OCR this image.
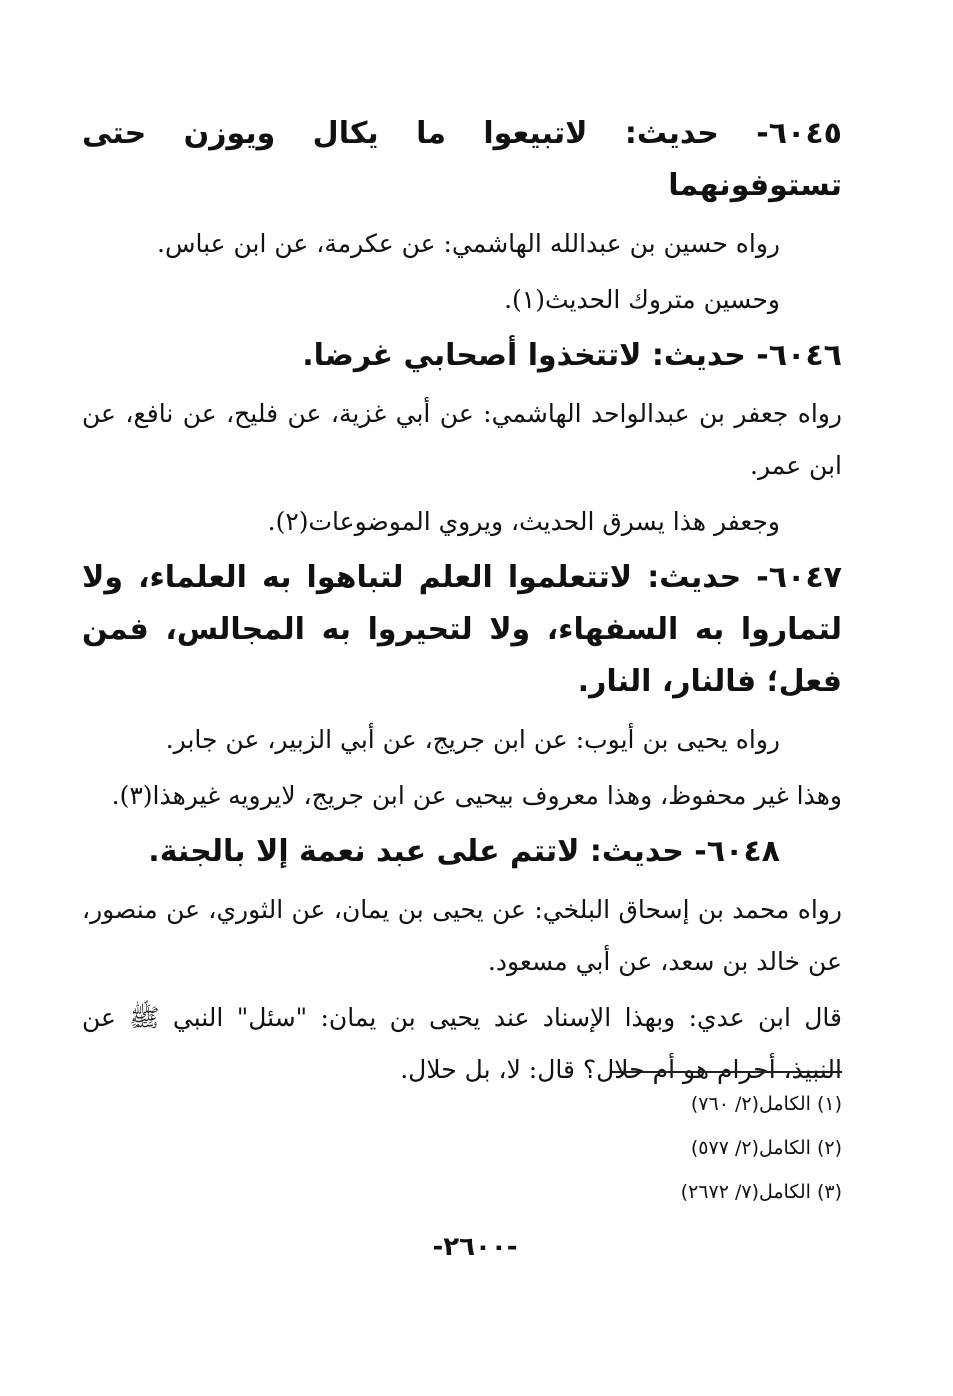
٦٠٤٥- حديث: لاتبيعوا ما يكال ويوزن حتى تستوفونهما
رواه حسين بن عبدالله الهاشمي: عن عكرمة، عن ابن عباس.
وحسين متروك الحديث(١).
٦٠٤٦- حديث: لاتتخذوا أصحابي غرضا.
رواه جعفر بن عبدالواحد الهاشمي: عن أبي غزية، عن فليح، عن نافع، عن ابن عمر.
وجعفر هذا يسرق الحديث، ويروي الموضوعات(٢).
٦٠٤٧- حديث: لاتتعلموا العلم لتباهوا به العلماء، ولا لتماروا به السفهاء، ولا لتحيروا به المجالس، فمن فعل؛ فالنار، النار.
رواه يحيى بن أيوب: عن ابن جريج، عن أبي الزبير، عن جابر.
وهذا غير محفوظ، وهذا معروف بيحيى عن ابن جريج، لايرويه غيرهذا(٣).
٦٠٤٨- حديث: لاتتم على عبد نعمة إلا بالجنة.
رواه محمد بن إسحاق البلخي: عن يحيى بن يمان، عن الثوري، عن منصور، عن خالد بن سعد، عن أبي مسعود.
قال ابن عدي: وبهذا الإسناد عند يحيى بن يمان: "سئل" النبي ﷺ عن النبيذ، أحرام هو أم حلال؟ قال: لا، بل حلال.
(١) الكامل(٢/ ٧٦٠)
(٢) الكامل(٢/ ٥٧٧)
(٣) الكامل(٧/ ٢٦٧٢)
-٢٦٠٠-
